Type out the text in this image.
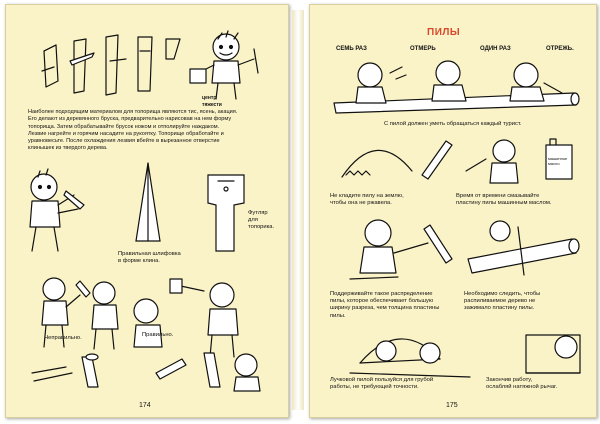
центр
тяжести
Наиболее подходящим материалом для топорища являются тис, ясень, акация.
Его делают из деревянного бруска, предварительно нарисовав на нем форму
топорища. Затем обрабатывайте брусок ножом и отполируйте наждаком.
Лезвие нагрейте и горячим насадите на рукоятку. Топорище обработайте и
уравновесьте. После охлаждения лезвия вбейте в вырезанное отверстие
клинышек из твердого дерева.
Правильная шлифовка
в форме клина.
Футляр
для
топорика.
Неправильно.	Правильно.
174
ПИЛЫ
СЕМЬ РАЗ	ОТМЕРЬ	ОДИН РАЗ	ОТРЕЖЬ.
С пилой должен уметь обращаться каждый турист.
машинное масло
Не кладите пилу на землю,
чтобы она не ржавела.
Время от времени смазывайте
пластину пилы машинным маслом.
Поддерживайте такое распределение
пилы, которое обеспечивает большую
ширину разреза, чем толщина пластины
пилы.
Необходимо следить, чтобы
распиливаемое дерево не
зажимало пластину пилы.
Лучковой пилой пользуйся для грубой
работы, не требующей точности.
Закончив работу,
ослабляй натяжной рычаг.
175
